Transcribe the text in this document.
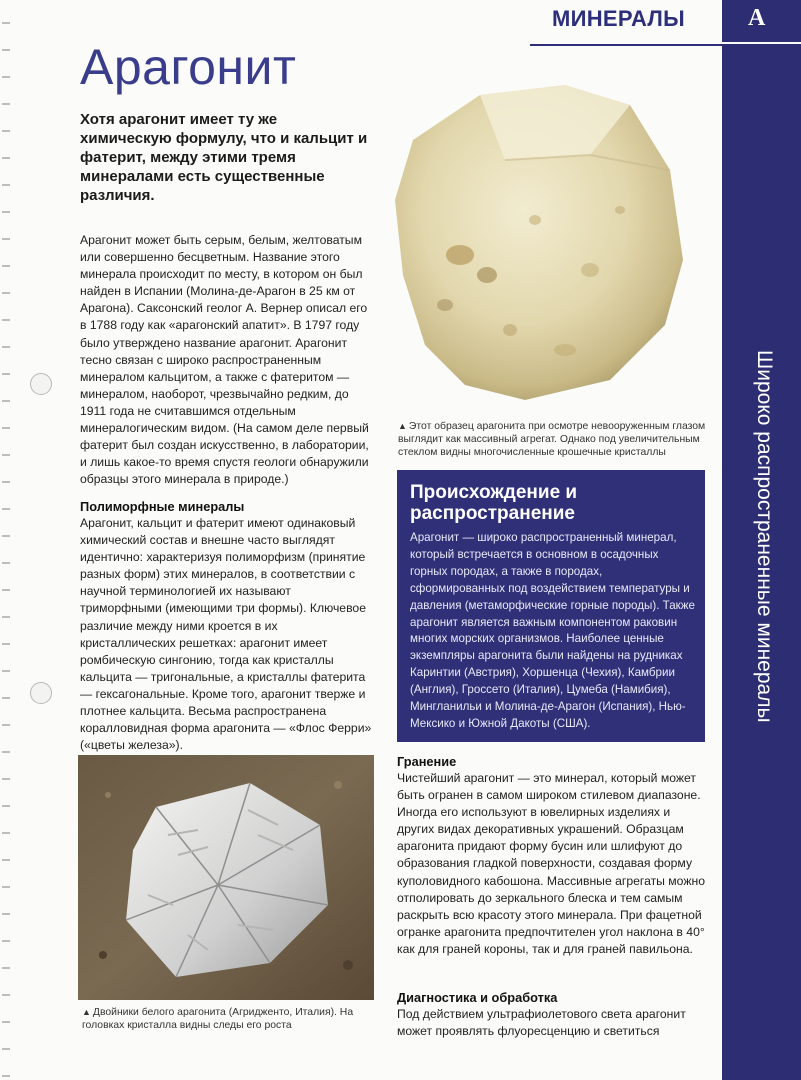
МИНЕРАЛЫ	А
Широко распространенные минералы
Арагонит

Хотя арагонит имеет ту же химическую формулу, что и кальцит и фатерит, между этими тремя минералами есть существенные различия.

Арагонит может быть серым, белым, желтоватым или совершенно бесцветным. Название этого минерала происходит по месту, в котором он был найден в Испании (Молина-де-Арагон в 25 км от Арагона). Саксонский геолог А. Вернер описал его в 1788 году как «арагонский апатит». В 1797 году было утверждено название арагонит. Арагонит тесно связан с широко распространенным минералом кальцитом, а также с фатеритом — минералом, наоборот, чрезвычайно редким, до 1911 года не считавшимся отдельным минералогическим видом. (На самом деле первый фатерит был создан искусственно, в лаборатории, и лишь какое-то время спустя геологи обнаружили образцы этого минерала в природе.)

Полиморфные минералы

Арагонит, кальцит и фатерит имеют одинаковый химический состав и внешне часто выглядят идентично: характеризуя полиморфизм (принятие разных форм) этих минералов, в соответствии с научной терминологией их называют триморфными (имеющими три формы). Ключевое различие между ними кроется в их кристаллических решетках: арагонит имеет ромбическую сингонию, тогда как кристаллы кальцита — тригональные, а кристаллы фатерита — гексагональные. Кроме того, арагонит тверже и плотнее кальцита. Весьма распространена коралловидная форма арагонита — «Флос Ферри» («цветы железа»).

▲ Этот образец арагонита при осмотре невооруженным глазом выглядит как массивный агрегат. Однако под увеличительным стеклом видны многочисленные крошечные кристаллы
Происхождение и распространение

Арагонит — широко распространенный минерал, который встречается в основном в осадочных горных породах, а также в породах, сформированных под воздействием температуры и давления (метаморфические горные породы). Также арагонит является важным компонентом раковин многих морских организмов. Наиболее ценные экземпляры арагонита были найдены на рудниках Каринтии (Австрия), Хоршенца (Чехия), Камбрии (Англия), Гроссето (Италия), Цумеба (Намибия), Мингланильи и Молина-де-Арагон (Испания), Нью-Мексико и Южной Дакоты (США).

▲ Двойники белого арагонита (Агридженто, Италия). На головках кристалла видны следы его роста
Гранение

Чистейший арагонит — это минерал, который может быть огранен в самом широком стилевом диапазоне. Иногда его используют в ювелирных изделиях и других видах декоративных украшений. Образцам арагонита придают форму бусин или шлифуют до образования гладкой поверхности, создавая форму куполовидного кабошона. Массивные агрегаты можно отполировать до зеркального блеска и тем самым раскрыть всю красоту этого минерала. При фацетной огранке арагонита предпочтителен угол наклона в 40° как для граней короны, так и для граней павильона.

Диагностика и обработка

Под действием ультрафиолетового света арагонит может проявлять флуоресценцию и светиться
